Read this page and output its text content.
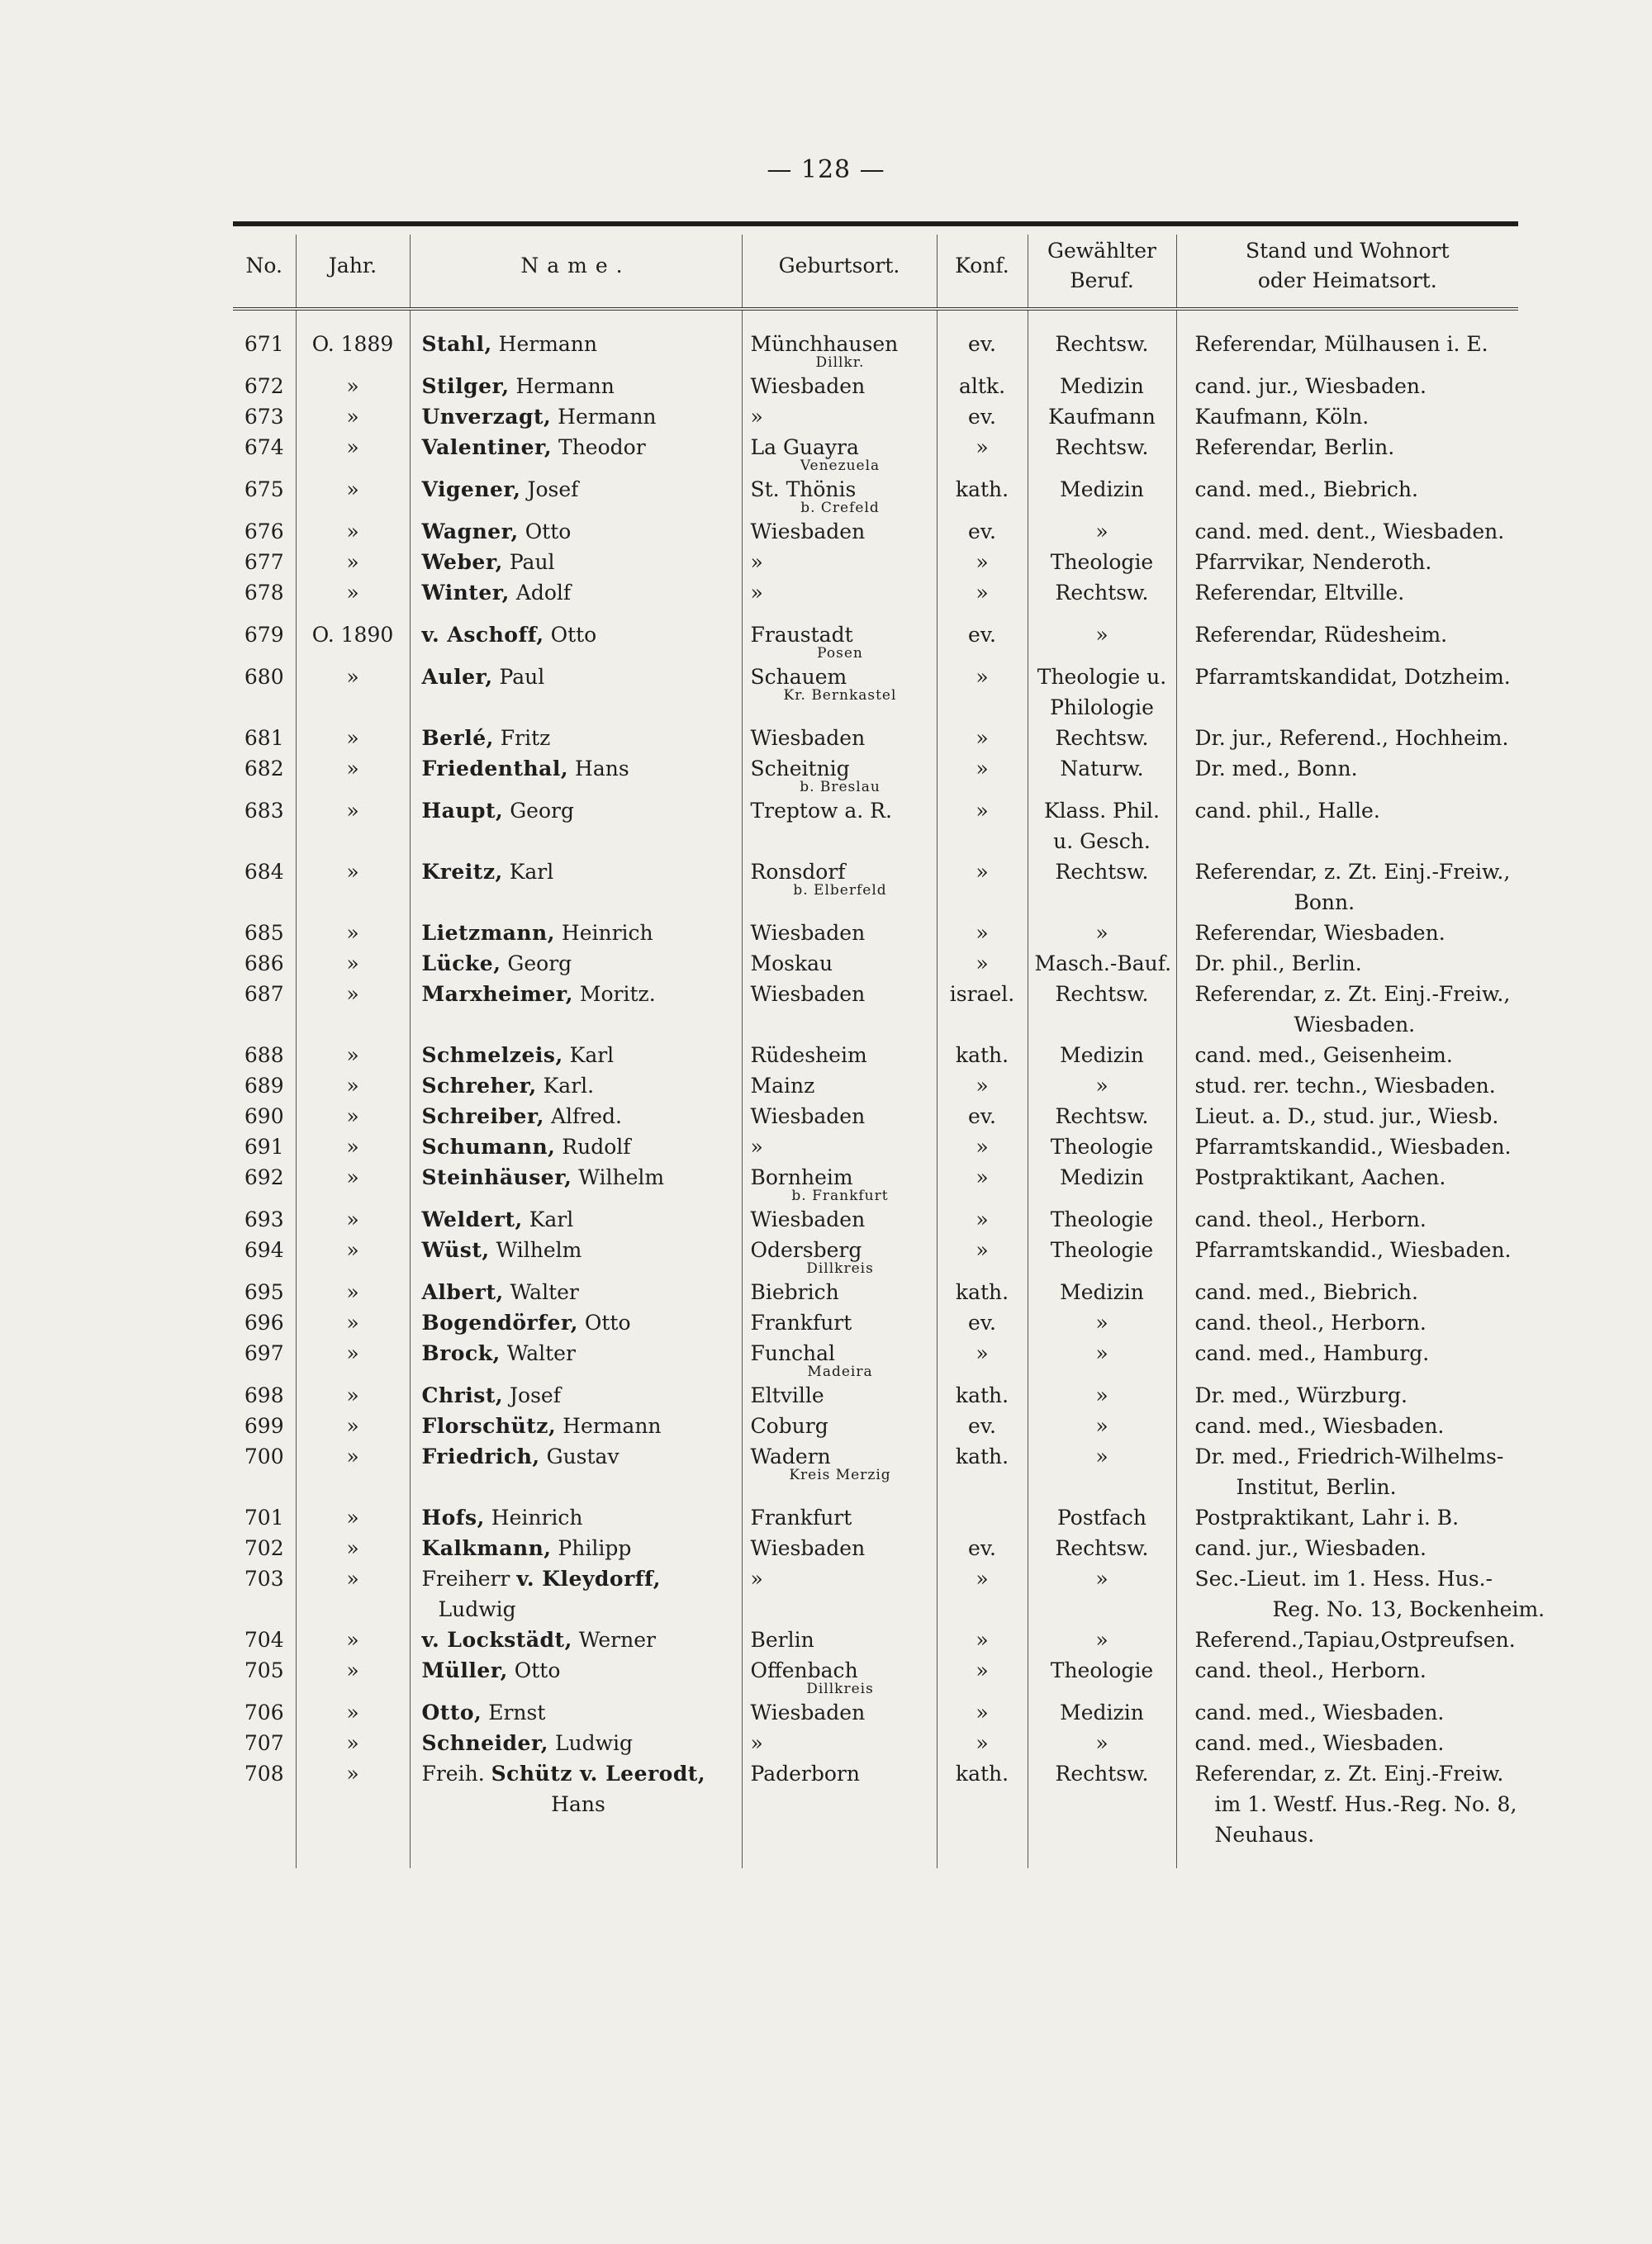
— 128 —
No.	Jahr.	Name.	Geburtsort.	Konf.	Gewählter
Beruf.	Stand und Wohnort
oder Heimatsort.

671	O. 1889	Stahl, Hermann	Münchhausen
Dillkr.	ev.	Rechtsw.	Referendar, Mülhausen i. E.

672	»	Stilger, Hermann	Wiesbaden	altk.	Medizin	cand. jur., Wiesbaden.

673	»	Unverzagt, Hermann	»	ev.	Kaufmann	Kaufmann, Köln.

674	»	Valentiner, Theodor	La Guayra
Venezuela	»	Rechtsw.	Referendar, Berlin.

675	»	Vigener, Josef	St. Thönis
b. Crefeld	kath.	Medizin	cand. med., Biebrich.

676	»	Wagner, Otto	Wiesbaden	ev.	»	cand. med. dent., Wiesbaden.

677	»	Weber, Paul	»	»	Theologie	Pfarrvikar, Nenderoth.

678	»	Winter, Adolf	»	»	Rechtsw.	Referendar, Eltville.

679	O. 1890	v. Aschoff, Otto	Fraustadt
Posen	ev.	»	Referendar, Rüdesheim.

680	»	Auler, Paul	Schauem
Kr. Bernkastel	»	Theologie u.
Philologie	Pfarramtskandidat, Dotzheim.

681	»	Berlé, Fritz	Wiesbaden	»	Rechtsw.	Dr. jur., Referend., Hochheim.

682	»	Friedenthal, Hans	Scheitnig
b. Breslau	»	Naturw.	Dr. med., Bonn.

683	»	Haupt, Georg	Treptow a. R.	»	Klass. Phil.
u. Gesch.	cand. phil., Halle.

684	»	Kreitz, Karl	Ronsdorf
b. Elberfeld	»	Rechtsw.	Referendar, z. Zt. Einj.-Freiw.,
Bonn.

685	»	Lietzmann, Heinrich	Wiesbaden	»	»	Referendar, Wiesbaden.

686	»	Lücke, Georg	Moskau	»	Masch.-Bauf.	Dr. phil., Berlin.

687	»	Marxheimer, Moritz.	Wiesbaden	israel.	Rechtsw.	Referendar, z. Zt. Einj.-Freiw.,
Wiesbaden.

688	»	Schmelzeis, Karl	Rüdesheim	kath.	Medizin	cand. med., Geisenheim.

689	»	Schreher, Karl.	Mainz	»	»	stud. rer. techn., Wiesbaden.

690	»	Schreiber, Alfred.	Wiesbaden	ev.	Rechtsw.	Lieut. a. D., stud. jur., Wiesb.

691	»	Schumann, Rudolf	»	»	Theologie	Pfarramtskandid., Wiesbaden.

692	»	Steinhäuser, Wilhelm	Bornheim
b. Frankfurt	»	Medizin	Postpraktikant, Aachen.

693	»	Weldert, Karl	Wiesbaden	»	Theologie	cand. theol., Herborn.

694	»	Wüst, Wilhelm	Odersberg
Dillkreis	»	Theologie	Pfarramtskandid., Wiesbaden.

695	»	Albert, Walter	Biebrich	kath.	Medizin	cand. med., Biebrich.

696	»	Bogendörfer, Otto	Frankfurt	ev.	»	cand. theol., Herborn.

697	»	Brock, Walter	Funchal
Madeira	»	»	cand. med., Hamburg.

698	»	Christ, Josef	Eltville	kath.	»	Dr. med., Würzburg.

699	»	Florschütz, Hermann	Coburg	ev.	»	cand. med., Wiesbaden.

700	»	Friedrich, Gustav	Wadern
Kreis Merzig	kath.	»	Dr. med., Friedrich-Wilhelms-
Institut, Berlin.

701	»	Hofs, Heinrich	Frankfurt		Postfach	Postpraktikant, Lahr i. B.

702	»	Kalkmann, Philipp	Wiesbaden	ev.	Rechtsw.	cand. jur., Wiesbaden.

703	»	Freiherr v. Kleydorff,
Ludwig	»	»	»	Sec.-Lieut. im 1. Hess. Hus.-
Reg. No. 13, Bockenheim.

704	»	v. Lockstädt, Werner	Berlin	»	»	Referend.,Tapiau,Ostpreufsen.

705	»	Müller, Otto	Offenbach
Dillkreis	»	Theologie	cand. theol., Herborn.

706	»	Otto, Ernst	Wiesbaden	»	Medizin	cand. med., Wiesbaden.

707	»	Schneider, Ludwig	»	»	»	cand. med., Wiesbaden.

708	»	Freih. Schütz v. Leerodt,
Hans	Paderborn	kath.	Rechtsw.	Referendar, z. Zt. Einj.-Freiw.
im 1. Westf. Hus.-Reg. No. 8,
Neuhaus.
